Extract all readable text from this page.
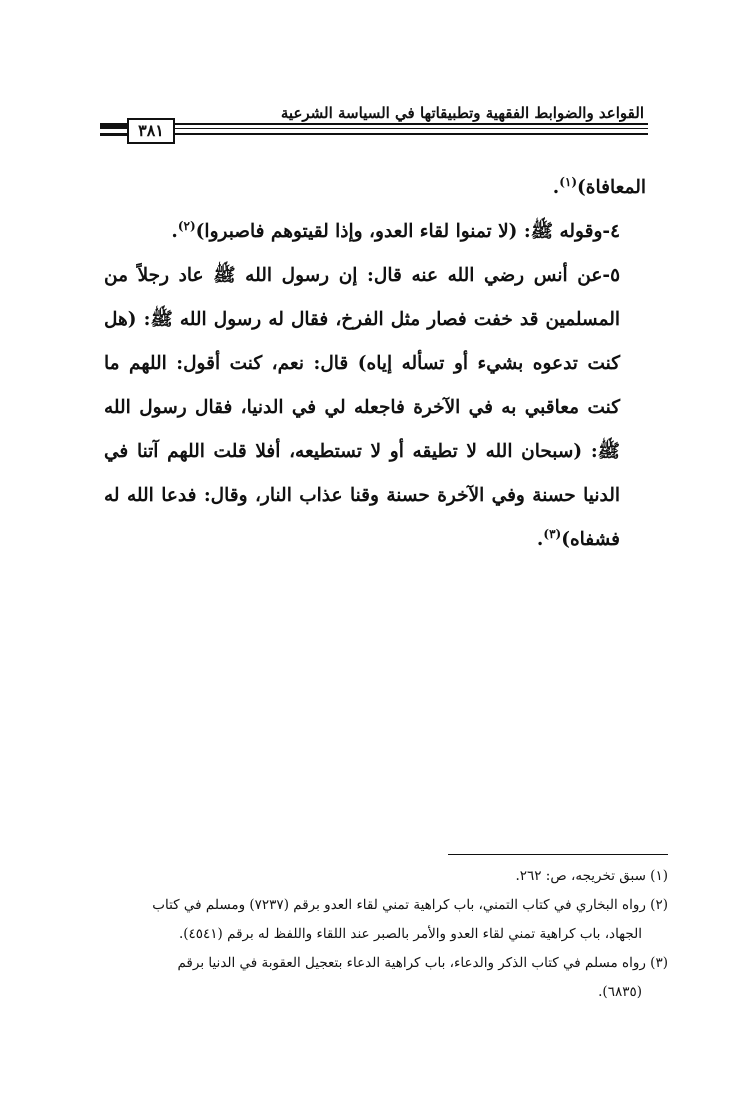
القواعد والضوابط الفقهية وتطبيقاتها في السياسة الشرعية
٣٨١

المعافاة)$^{(١)}$.

٤-وقوله ﷺ: (لا تمنوا لقاء العدو، وإذا لقيتوهم فاصبروا)$^{(٢)}$.

٥-عن أنس رضي الله عنه قال: إن رسول الله ﷺ عاد رجلاً من المسلمين قد خفت فصار مثل الفرخ، فقال له رسول الله ﷺ: (هل كنت تدعوه بشيء أو تسأله إياه) قال: نعم، كنت أقول: اللهم ما كنت معاقبي به في الآخرة فاجعله لي في الدنيا، فقال رسول الله ﷺ: (سبحان الله لا تطيقه أو لا تستطيعه، أفلا قلت اللهم آتنا في الدنيا حسنة وفي الآخرة حسنة وقنا عذاب النار، وقال: فدعا الله له فشفاه)$^{(٣)}$.

(١) سبق تخريجه، ص: ٢٦٢.

(٢) رواه البخاري في كتاب التمني، باب كراهية تمني لقاء العدو برقم (٧٢٣٧) ومسلم في كتاب

الجهاد، باب كراهية تمني لقاء العدو والأمر بالصبر عند اللقاء واللفظ له برقم (٤٥٤١).

(٣) رواه مسلم في كتاب الذكر والدعاء، باب كراهية الدعاء بتعجيل العقوبة في الدنيا برقم

(٦٨٣٥).
